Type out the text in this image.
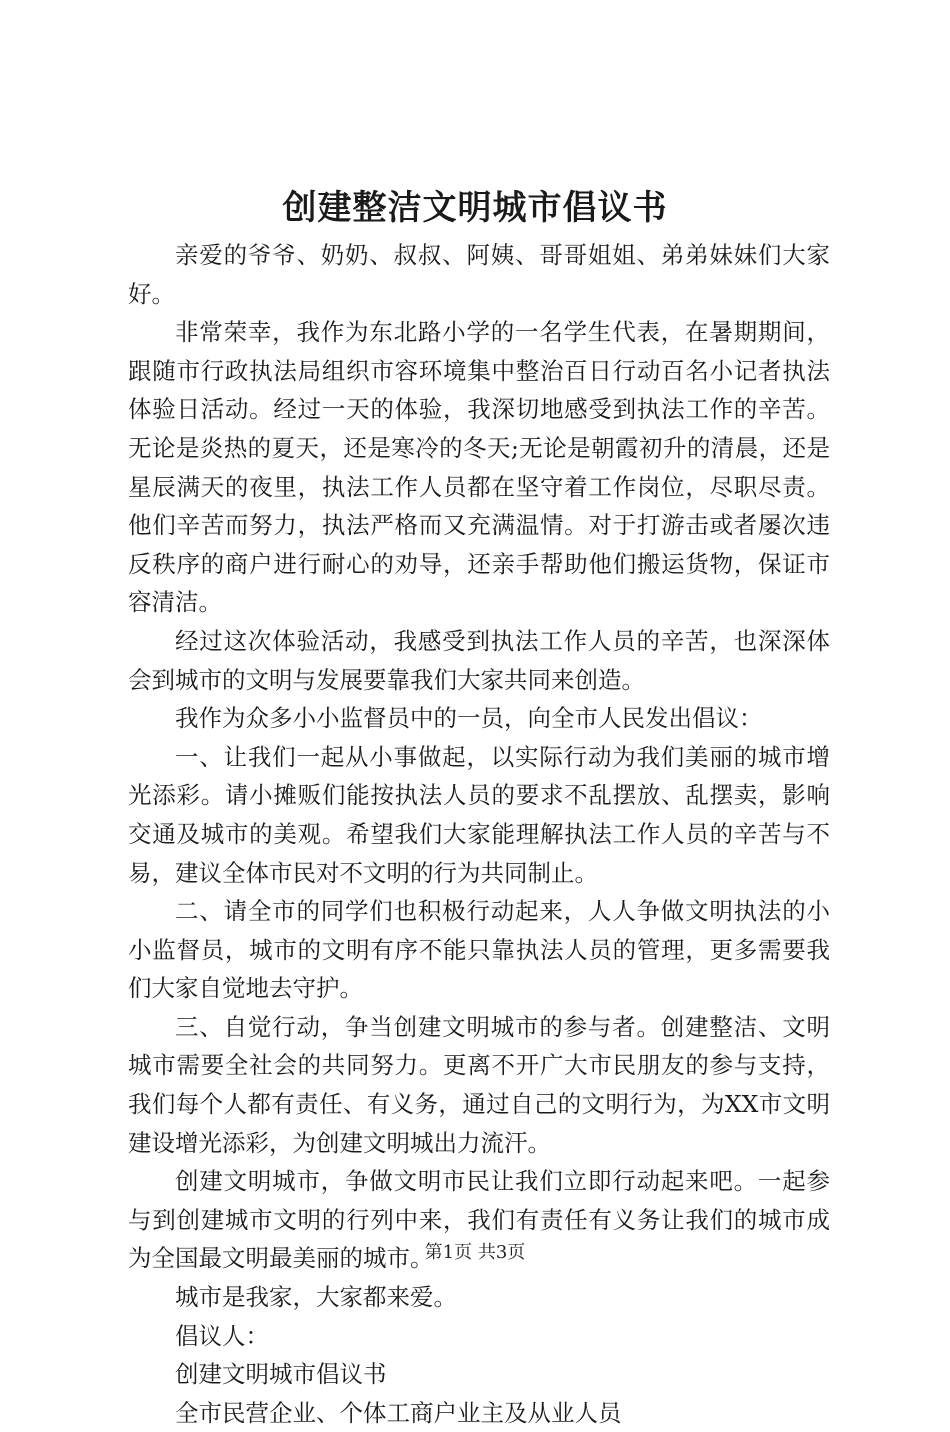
创建整洁文明城市倡议书

亲爱的爷爷、奶奶、叔叔、阿姨、哥哥姐姐、弟弟妹妹们大家好。

非常荣幸，我作为东北路小学的一名学生代表，在暑期期间，跟随市行政执法局组织市容环境集中整治百日行动百名小记者执法体验日活动。经过一天的体验，我深切地感受到执法工作的辛苦。无论是炎热的夏天，还是寒冷的冬天;无论是朝霞初升的清晨，还是星辰满天的夜里，执法工作人员都在坚守着工作岗位，尽职尽责。他们辛苦而努力，执法严格而又充满温情。对于打游击或者屡次违反秩序的商户进行耐心的劝导，还亲手帮助他们搬运货物，保证市容清洁。

经过这次体验活动，我感受到执法工作人员的辛苦，也深深体会到城市的文明与发展要靠我们大家共同来创造。

我作为众多小小监督员中的一员，向全市人民发出倡议：

一、让我们一起从小事做起，以实际行动为我们美丽的城市增光添彩。请小摊贩们能按执法人员的要求不乱摆放、乱摆卖，影响交通及城市的美观。希望我们大家能理解执法工作人员的辛苦与不易，建议全体市民对不文明的行为共同制止。

二、请全市的同学们也积极行动起来，人人争做文明执法的小小监督员，城市的文明有序不能只靠执法人员的管理，更多需要我们大家自觉地去守护。

三、自觉行动，争当创建文明城市的参与者。创建整洁、文明城市需要全社会的共同努力。更离不开广大市民朋友的参与支持，我们每个人都有责任、有义务，通过自己的文明行为，为XX市文明建设增光添彩，为创建文明城出力流汗。

创建文明城市，争做文明市民让我们立即行动起来吧。一起参与到创建城市文明的行列中来，我们有责任有义务让我们的城市成为全国最文明最美丽的城市。

城市是我家，大家都来爱。

倡议人：

创建文明城市倡议书

全市民营企业、个体工商户业主及从业人员

第1页 共3页
